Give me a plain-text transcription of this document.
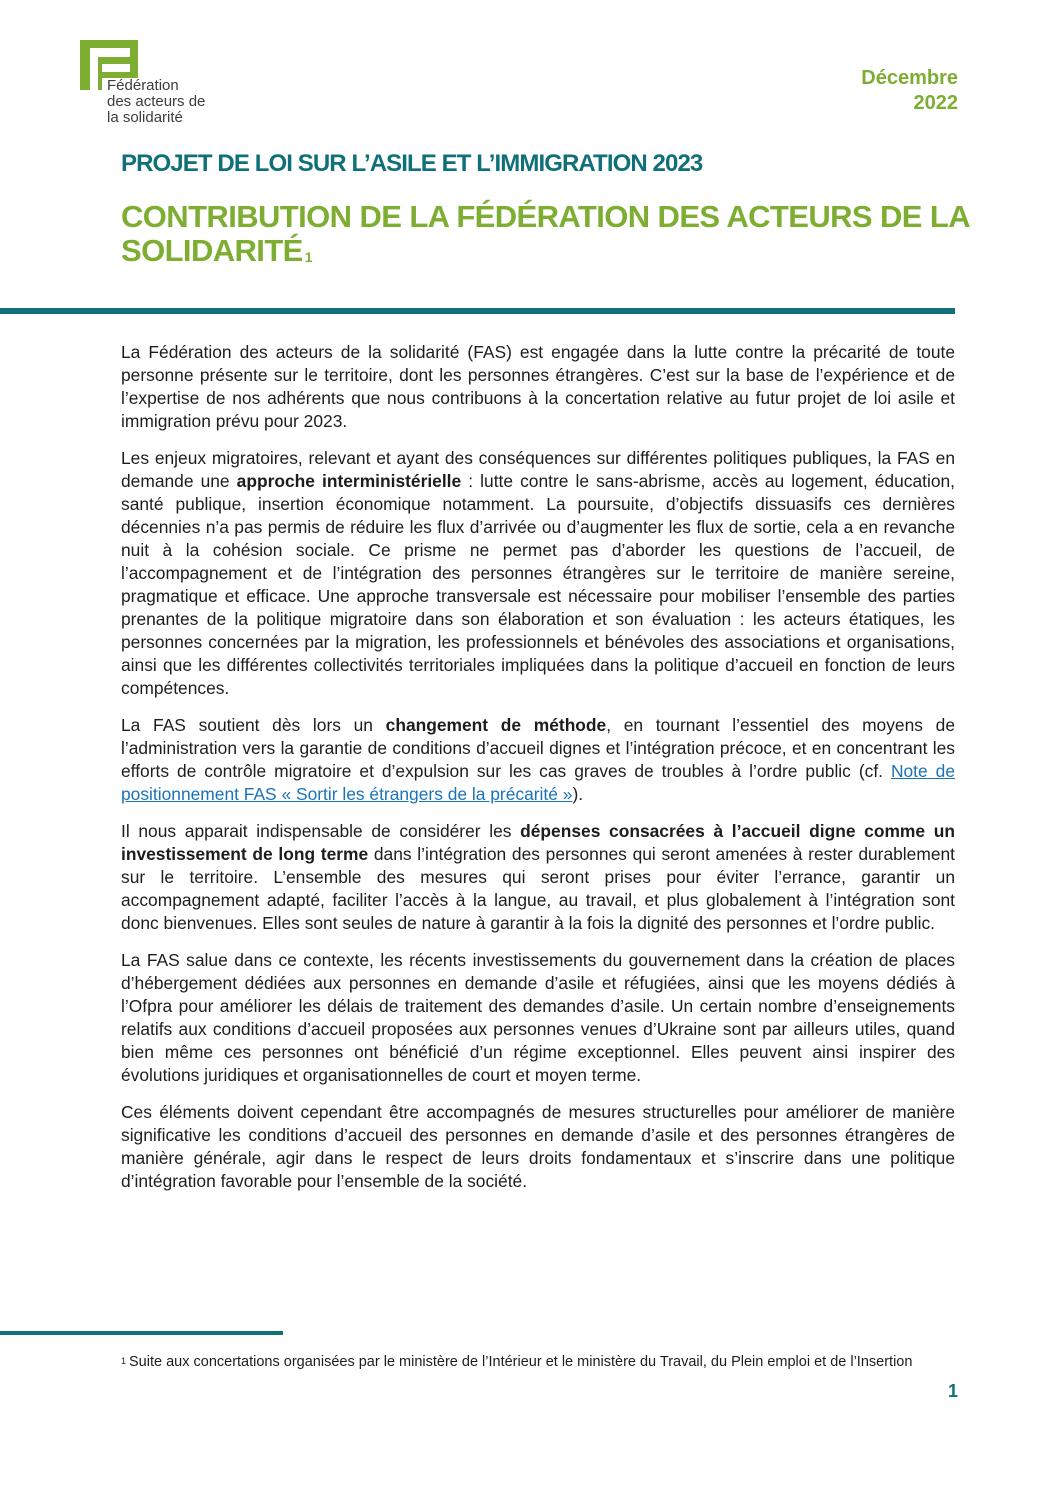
Fédération
des acteurs de
la solidarité
Décembre
2022
PROJET DE LOI SUR L’ASILE ET L’IMMIGRATION 2023
CONTRIBUTION DE LA FÉDÉRATION DES ACTEURS DE LA SOLIDARITÉ $^1$

La Fédération des acteurs de la solidarité (FAS) est engagée dans la lutte contre la précarité de toute personne présente sur le territoire, dont les personnes étrangères. C’est sur la base de l’expérience et de l’expertise de nos adhérents que nous contribuons à la concertation relative au futur projet de loi asile et immigration prévu pour 2023.

Les enjeux migratoires, relevant et ayant des conséquences sur différentes politiques publiques, la FAS en demande une approche interministérielle : lutte contre le sans-abrisme, accès au logement, éducation, santé publique, insertion économique notamment. La poursuite, d’objectifs dissuasifs ces dernières décennies n’a pas permis de réduire les flux d’arrivée ou d’augmenter les flux de sortie, cela a en revanche nuit à la cohésion sociale. Ce prisme ne permet pas d’aborder les questions de l’accueil, de l’accompagnement et de l’intégration des personnes étrangères sur le territoire de manière sereine, pragmatique et efficace. Une approche transversale est nécessaire pour mobiliser l’ensemble des parties prenantes de la politique migratoire dans son élaboration et son évaluation : les acteurs étatiques, les personnes concernées par la migration, les professionnels et bénévoles des associations et organisations, ainsi que les différentes collectivités territoriales impliquées dans la politique d’accueil en fonction de leurs compétences.

La FAS soutient dès lors un changement de méthode, en tournant l’essentiel des moyens de l’administration vers la garantie de conditions d’accueil dignes et l’intégration précoce, et en concentrant les efforts de contrôle migratoire et d’expulsion sur les cas graves de troubles à l’ordre public (cf. Note de positionnement FAS « Sortir les étrangers de la précarité »).

Il nous apparait indispensable de considérer les dépenses consacrées à l’accueil digne comme un investissement de long terme dans l’intégration des personnes qui seront amenées à rester durablement sur le territoire. L’ensemble des mesures qui seront prises pour éviter l’errance, garantir un accompagnement adapté, faciliter l’accès à la langue, au travail, et plus globalement à l’intégration sont donc bienvenues. Elles sont seules de nature à garantir à la fois la dignité des personnes et l’ordre public.

La FAS salue dans ce contexte, les récents investissements du gouvernement dans la création de places d’hébergement dédiées aux personnes en demande d’asile et réfugiées, ainsi que les moyens dédiés à l’Ofpra pour améliorer les délais de traitement des demandes d’asile. Un certain nombre d’enseignements relatifs aux conditions d’accueil proposées aux personnes venues d’Ukraine sont par ailleurs utiles, quand bien même ces personnes ont bénéficié d’un régime exceptionnel. Elles peuvent ainsi inspirer des évolutions juridiques et organisationnelles de court et moyen terme.

Ces éléments doivent cependant être accompagnés de mesures structurelles pour améliorer de manière significative les conditions d’accueil des personnes en demande d’asile et des personnes étrangères de manière générale, agir dans le respect de leurs droits fondamentaux et s’inscrire dans une politique d’intégration favorable pour l’ensemble de la société.

$^1$ Suite aux concertations organisées par le ministère de l’Intérieur et le ministère du Travail, du Plein emploi et de l’Insertion
1
